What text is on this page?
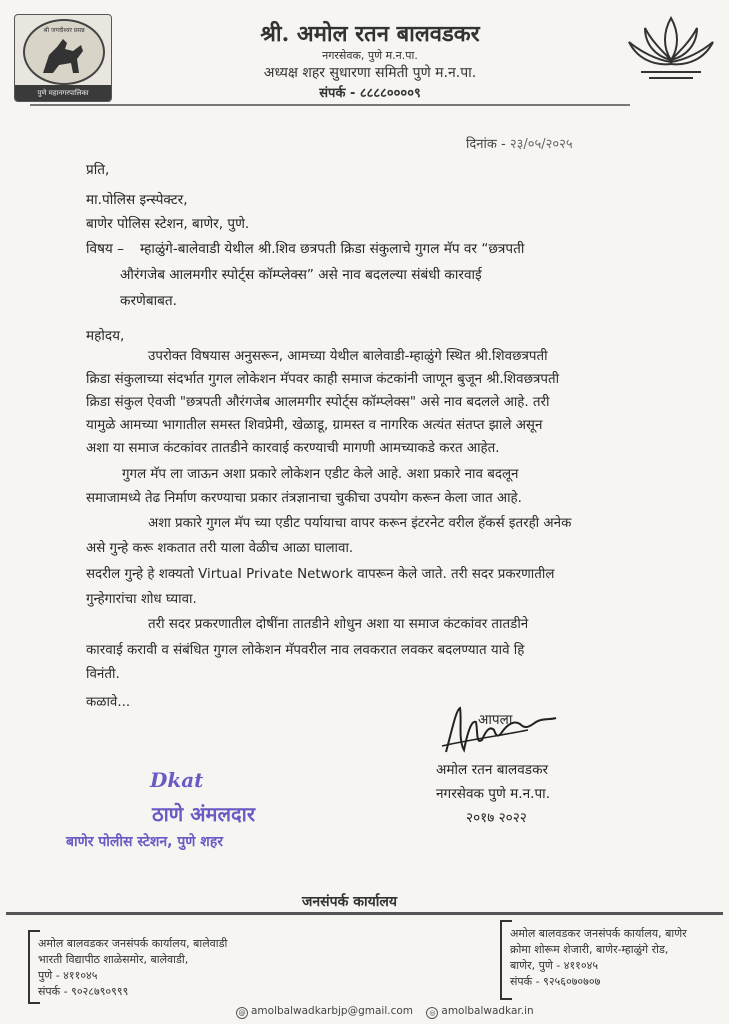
श्री जगदीश्वर प्रसन्न
पुणे महानगरपालिका
श्री. अमोल रतन बालवडकर
नगरसेवक, पुणे म.न.पा.
अध्यक्ष शहर सुधारणा समिती पुणे म.न.पा.
संपर्क - ८८८८००००९
दिनांक - २३/०५/२०२५
प्रति,
मा.पोलिस इन्स्पेक्टर,
बाणेर पोलिस स्टेशन, बाणेर, पुणे.
विषय – म्हाळुंगे-बालेवाडी येथील श्री.शिव छत्रपती क्रिडा संकुलाचे गुगल मॅप वर “छत्रपती
औरंगजेब आलमगीर स्पोर्ट्स कॉम्प्लेक्स” असे नाव बदलल्या संबंधी कारवाई
करणेबाबत.
महोदय,
उपरोक्त विषयास अनुसरून, आमच्या येथील बालेवाडी-म्हाळुंगे स्थित श्री.शिवछत्रपती
क्रिडा संकुलाच्या संदर्भात गुगल लोकेशन मॅपवर काही समाज कंटकांनी जाणून बुजून श्री.शिवछत्रपती
क्रिडा संकुल ऐवजी "छत्रपती औरंगजेब आलमगीर स्पोर्ट्स कॉम्प्लेक्स" असे नाव बदलले आहे. तरी
यामुळे आमच्या भागातील समस्त शिवप्रेमी, खेळाडू, ग्रामस्त व नागरिक अत्यंत संतप्त झाले असून
अशा या समाज कंटकांवर तातडीने कारवाई करण्याची मागणी आमच्याकडे करत आहेत.
गुगल मॅप ला जाऊन अशा प्रकारे लोकेशन एडीट केले आहे. अशा प्रकारे नाव बदलून
समाजामध्ये तेढ निर्माण करण्याचा प्रकार तंत्रज्ञानाचा चुकीचा उपयोग करून केला जात आहे.
अशा प्रकारे गुगल मॅप च्या एडीट पर्यायाचा वापर करून इंटरनेट वरील हॅकर्स इतरही अनेक
असे गुन्हे करू शकतात तरी याला वेळीच आळा घालावा.
सदरील गुन्हे हे शक्यतो Virtual Private Network वापरून केले जाते. तरी सदर प्रकरणातील
गुन्हेगारांचा शोध घ्यावा.
तरी सदर प्रकरणातील दोषींना तातडीने शोधुन अशा या समाज कंटकांवर तातडीने
कारवाई करावी व संबंधित गुगल लोकेशन मॅपवरील नाव लवकरात लवकर बदलण्यात यावे हि
विनंती.
कळावे...
आपला
अमोल रतन बालवडकर
नगरसेवक पुणे म.न.पा.
२०१७ २०२२
Dkat
ठाणे अंमलदार
बाणेर पोलीस स्टेशन, पुणे शहर
जनसंपर्क कार्यालय
अमोल बालवडकर जनसंपर्क कार्यालय, बालेवाडी
भारती विद्यापीठ शाळेसमोर, बालेवाडी,
पुणे - ४११०४५
संपर्क - ९०२८७९०९९९
अमोल बालवडकर जनसंपर्क कार्यालय, बाणेर
क्रोमा शोरूम शेजारी, बाणेर-म्हाळुंगे रोड,
बाणेर, पुणे - ४११०४५
संपर्क - ९२५६०७०७०७
@ amolbalwadkarbjp@gmail.com ◎ amolbalwadkar.in
